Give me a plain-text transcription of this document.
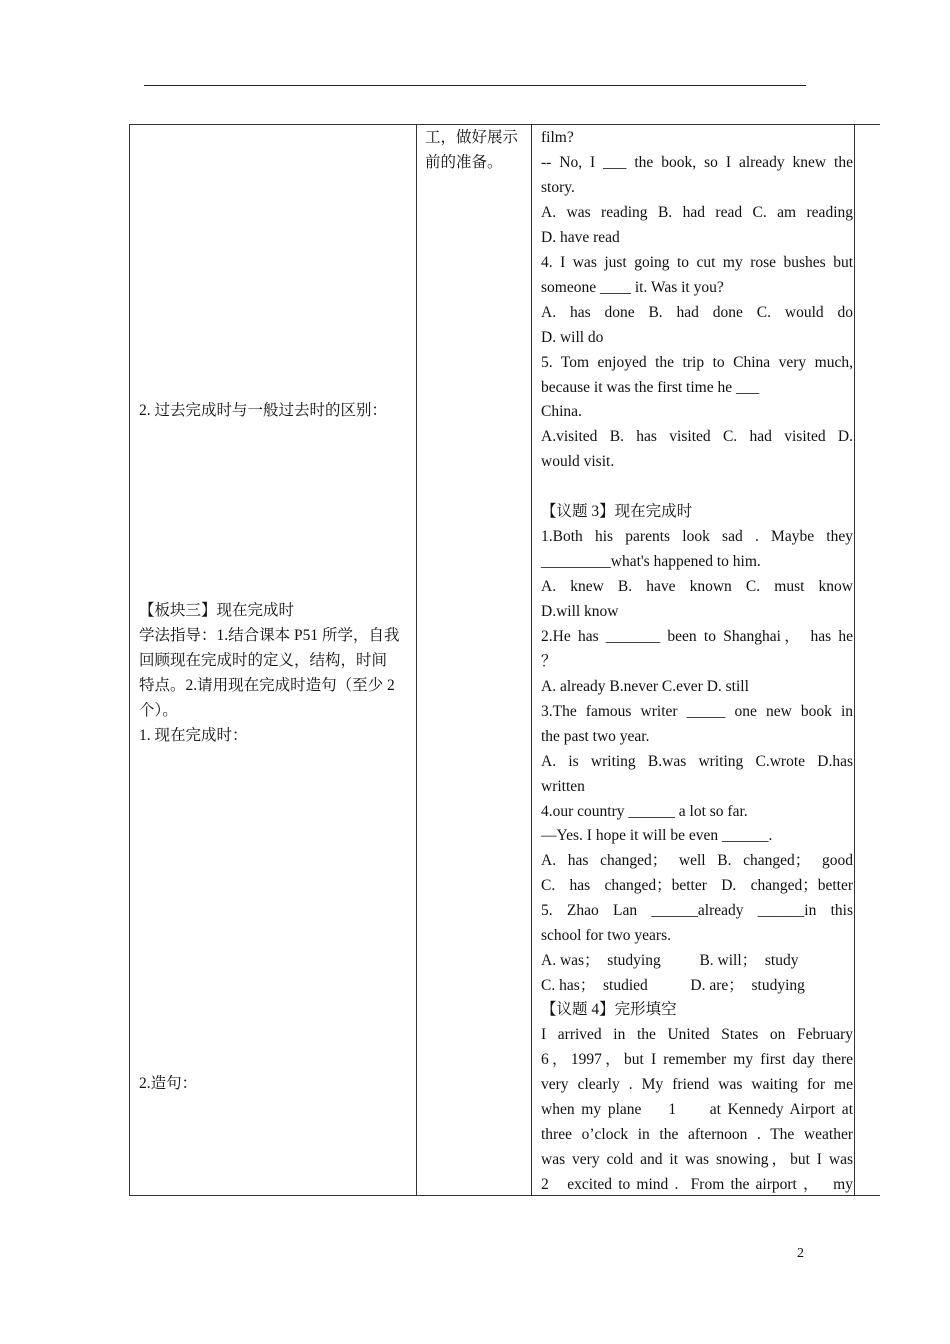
2. 过去完成时与一般过去时的区别：
【板块三】现在完成时
学法指导：1.结合课本 P51 所学，自我
回顾现在完成时的定义，结构，时间
特点。2.请用现在完成时造句（至少 2
个）。
1. 现在完成时：
2.造句：
工，做好展示
前的准备。
film?
-- No, I ___ the book, so I already knew the
story.
A. was reading B. had read C. am reading
D. have read
4. I was just going to cut my rose bushes but
someone ____ it. Was it you?
A. has done B. had done C. would do
D. will do
5. Tom enjoyed the trip to China very much,
because it was the first time he ___
China.
A.visited B. has visited C. had visited D.
would visit.
【议题 3】现在完成时
1.Both his parents look sad . Maybe they
_________what's happened to him.
A. knew B. have known C. must know
D.will know
2.He has _______ been to Shanghai， has he
？
A. already B.never C.ever D. still
3.The famous writer _____ one new book in
the past two year.
A. is writing B.was writing C.wrote D.has
written
4.our country ______ a lot so far.
—Yes. I hope it will be even ______.
A. has changed； well B. changed； good
C. has changed；better D. changed；better
5. Zhao Lan ______already ______in this
school for two years.
A. was；  studying          B. will；  study
C. has；  studied           D. are；  studying
【议题 4】完形填空
I arrived in the United States on February
6，1997，but I remember my first day there
very clearly . My friend was waiting for me
when my plane    1     at Kennedy Airport at
three o’clock in the afternoon . The weather
was very cold and it was snowing，but I was
2   excited to mind .  From the airport ，  my
2
